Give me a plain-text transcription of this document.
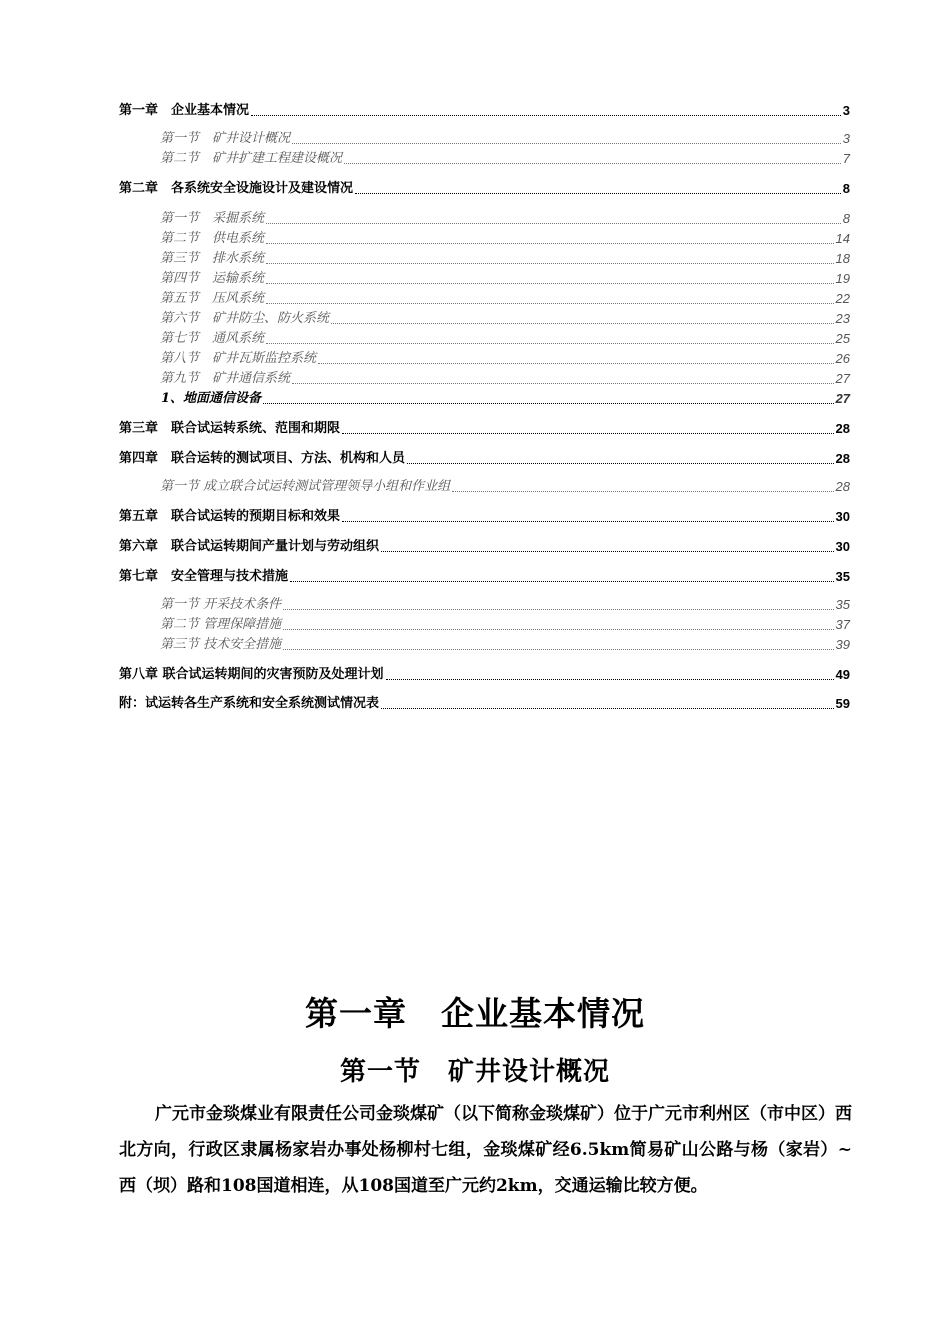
第一章　企业基本情况	3
第一节　矿井设计概况	3
第二节　矿井扩建工程建设概况	7
第二章　各系统安全设施设计及建设情况	8
第一节　采掘系统	8
第二节　供电系统	14
第三节　排水系统	18
第四节　运输系统	19
第五节　压风系统	22
第六节　矿井防尘、防火系统	23
第七节　通风系统	25
第八节　矿井瓦斯监控系统	26
第九节　矿井通信系统	27
1、地面通信设备	27
第三章　联合试运转系统、范围和期限	28
第四章　联合运转的测试项目、方法、机构和人员	28
第一节 成立联合试运转测试管理领导小组和作业组	28
第五章　联合试运转的预期目标和效果	30
第六章　联合试运转期间产量计划与劳动组织	30
第七章　安全管理与技术措施	35
第一节 开采技术条件	35
第二节 管理保障措施	37
第三节 技术安全措施	39
第八章 联合试运转期间的灾害预防及处理计划	49
附：试运转各生产系统和安全系统测试情况表	59
第一章　企业基本情况
第一节　矿井设计概况
广元市金琰煤业有限责任公司金琰煤矿（以下简称金琰煤矿）位于广元市利州区（市中区）西北方向，行政区隶属杨家岩办事处杨柳村七组，金琰煤矿经6.5km简易矿山公路与杨（家岩）~西（坝）路和108国道相连，从108国道至广元约2km，交通运输比较方便。
